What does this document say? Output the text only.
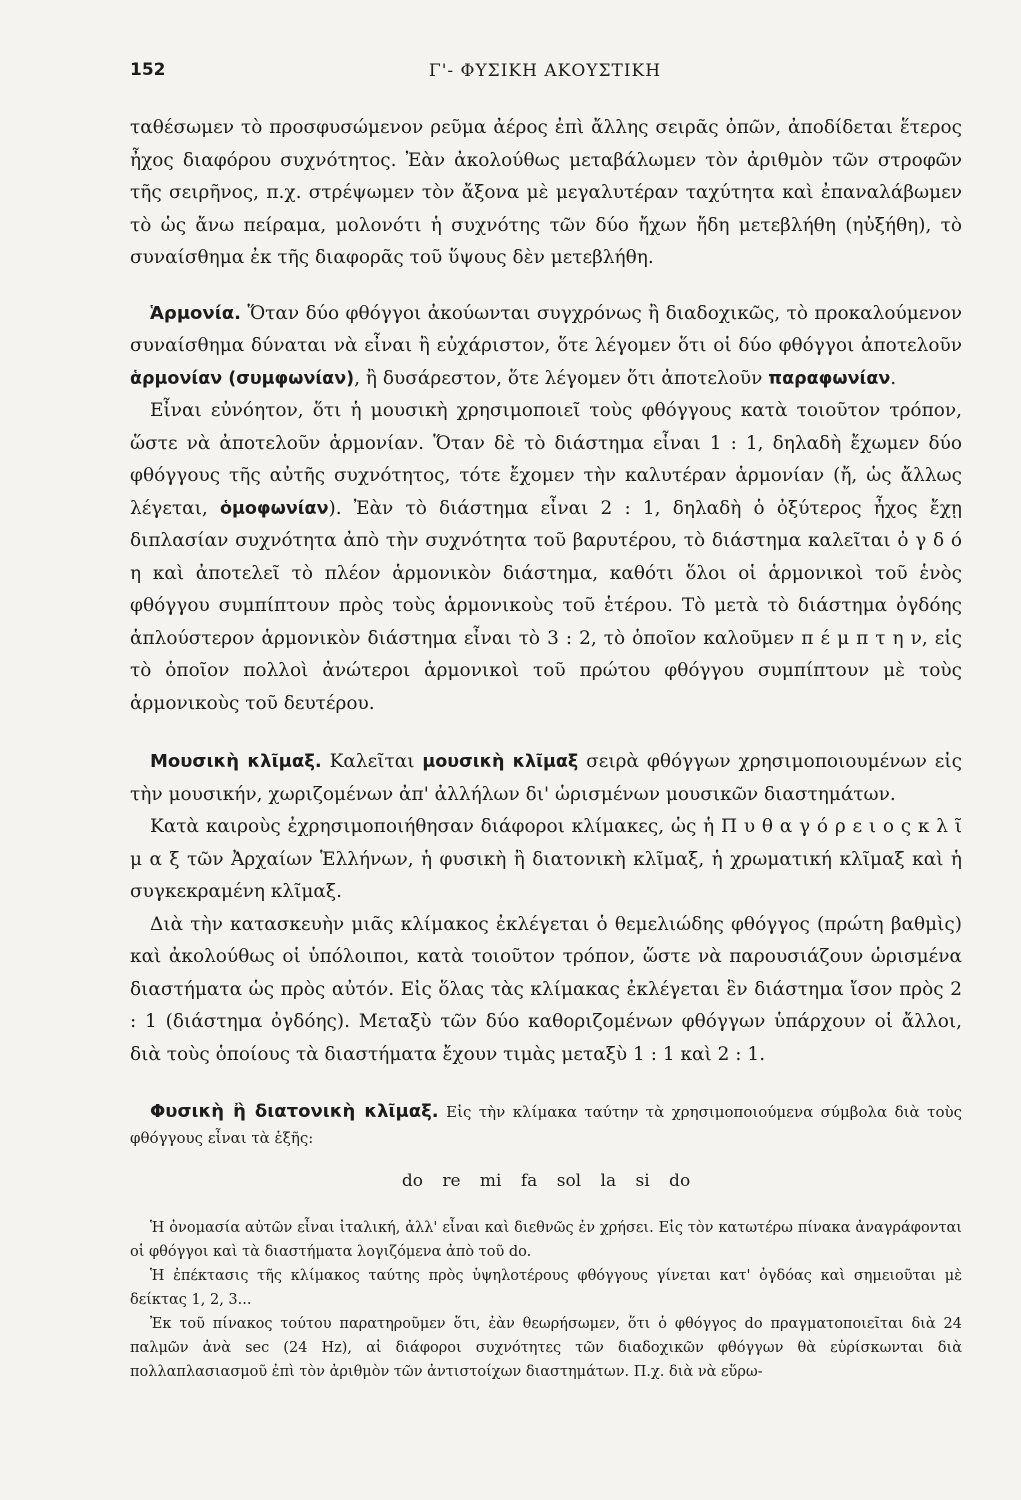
152	Γ'- ΦΥΣΙΚΗ ΑΚΟΥΣΤΙΚΗ

ταθέσωμεν τὸ προσφυσώμενον ρεῦμα ἀέρος ἐπὶ ἄλλης σειρᾶς ὀπῶν, ἀποδίδεται ἕτερος ἦχος διαφόρου συχνότητος. Ἐὰν ἀκολούθως μεταβάλωμεν τὸν ἀριθμὸν τῶν στροφῶν τῆς σειρῆνος, π.χ. στρέψωμεν τὸν ἄξονα μὲ μεγαλυτέραν ταχύτητα καὶ ἐπαναλάβωμεν τὸ ὡς ἄνω πείραμα, μολονότι ἡ συχνότης τῶν δύο ἤχων ἤδη μετεβλήθη (ηὐξήθη), τὸ συναίσθημα ἐκ τῆς διαφορᾶς τοῦ ὕψους δὲν μετεβλήθη.

Ἁρμονία. Ὅταν δύο φθόγγοι ἀκούωνται συγχρόνως ἢ διαδοχικῶς, τὸ προκαλούμενον συναίσθημα δύναται νὰ εἶναι ἢ εὐχάριστον, ὅτε λέγομεν ὅτι οἱ δύο φθόγγοι ἀποτελοῦν ἁρμονίαν (συμφωνίαν), ἢ δυσάρεστον, ὅτε λέγομεν ὅτι ἀποτελοῦν παραφωνίαν.

Εἶναι εὐνόητον, ὅτι ἡ μουσικὴ χρησιμοποιεῖ τοὺς φθόγγους κατὰ τοιοῦτον τρόπον, ὥστε νὰ ἀποτελοῦν ἁρμονίαν. Ὅταν δὲ τὸ διάστημα εἶναι 1 : 1, δηλαδὴ ἔχωμεν δύο φθόγγους τῆς αὐτῆς συχνότητος, τότε ἔχομεν τὴν καλυτέραν ἁρμονίαν (ἤ, ὡς ἄλλως λέγεται, ὁμοφωνίαν). Ἐὰν τὸ διάστημα εἶναι 2 : 1, δηλαδὴ ὁ ὀξύτερος ἦχος ἔχῃ διπλασίαν συχνότητα ἀπὸ τὴν συχνότητα τοῦ βαρυτέρου, τὸ διάστημα καλεῖται ὀ γ δ ό η καὶ ἀποτελεῖ τὸ πλέον ἁρμονικὸν διάστημα, καθότι ὅλοι οἱ ἁρμονικοὶ τοῦ ἑνὸς φθόγγου συμπίπτουν πρὸς τοὺς ἁρμονικοὺς τοῦ ἑτέρου. Τὸ μετὰ τὸ διάστημα ὀγδόης ἁπλούστερον ἁρμονικὸν διάστημα εἶναι τὸ 3 : 2, τὸ ὁποῖον καλοῦμεν π έ μ π τ η ν, εἰς τὸ ὁποῖον πολλοὶ ἀνώτεροι ἁρμονικοὶ τοῦ πρώτου φθόγγου συμπίπτουν μὲ τοὺς ἁρμονικοὺς τοῦ δευτέρου.

Μουσικὴ κλῖμαξ. Καλεῖται μουσικὴ κλῖμαξ σειρὰ φθόγγων χρησιμοποιουμένων εἰς τὴν μουσικήν, χωριζομένων ἀπ' ἀλλήλων δι' ὡρισμένων μουσικῶν διαστημάτων.

Κατὰ καιροὺς ἐχρησιμοποιήθησαν διάφοροι κλίμακες, ὡς ἡ Π υ θ α γ ό ρ ε ι ο ς κ λ ῖ μ α ξ τῶν Ἀρχαίων Ἑλλήνων, ἡ φυσικὴ ἢ διατονικὴ κλῖμαξ, ἡ χρωματική κλῖμαξ καὶ ἡ συγκεκραμένη κλῖμαξ.

Διὰ τὴν κατασκευὴν μιᾶς κλίμακος ἐκλέγεται ὁ θεμελιώδης φθόγγος (πρώτη βαθμὶς) καὶ ἀκολούθως οἱ ὑπόλοιποι, κατὰ τοιοῦτον τρόπον, ὥστε νὰ παρουσιάζουν ὡρισμένα διαστήματα ὡς πρὸς αὐτόν. Εἰς ὅλας τὰς κλίμακας ἐκλέγεται ἓν διάστημα ἴσον πρὸς 2 : 1 (διάστημα ὀγδόης). Μεταξὺ τῶν δύο καθοριζομένων φθόγγων ὑπάρχουν οἱ ἄλλοι, διὰ τοὺς ὁποίους τὰ διαστήματα ἔχουν τιμὰς μεταξὺ 1 : 1 καὶ 2 : 1.

Φυσικὴ ἢ διατονικὴ κλῖμαξ. Εἰς τὴν κλίμακα ταύτην τὰ χρησιμοποιούμενα σύμβολα διὰ τοὺς φθόγγους εἶναι τὰ ἑξῆς:

do re mi fa sol la si do

Ἡ ὀνομασία αὐτῶν εἶναι ἰταλική, ἀλλ' εἶναι καὶ διεθνῶς ἐν χρήσει. Εἰς τὸν κατωτέρω πίνακα ἀναγράφονται οἱ φθόγγοι καὶ τὰ διαστήματα λογιζόμενα ἀπὸ τοῦ do.

Ἡ ἐπέκτασις τῆς κλίμακος ταύτης πρὸς ὑψηλοτέρους φθόγγους γίνεται κατ' ὀγδόας καὶ σημειοῦται μὲ δείκτας 1, 2, 3...

Ἐκ τοῦ πίνακος τούτου παρατηροῦμεν ὅτι, ἐὰν θεωρήσωμεν, ὅτι ὁ φθόγγος do πραγματοποιεῖται διὰ 24 παλμῶν ἀνὰ sec (24 Hz), αἱ διάφοροι συχνότητες τῶν διαδοχικῶν φθόγγων θὰ εὑρίσκωνται διὰ πολλαπλασιασμοῦ ἐπὶ τὸν ἀριθμὸν τῶν ἀντιστοίχων διαστημάτων. Π.χ. διὰ νὰ εὕρω-
